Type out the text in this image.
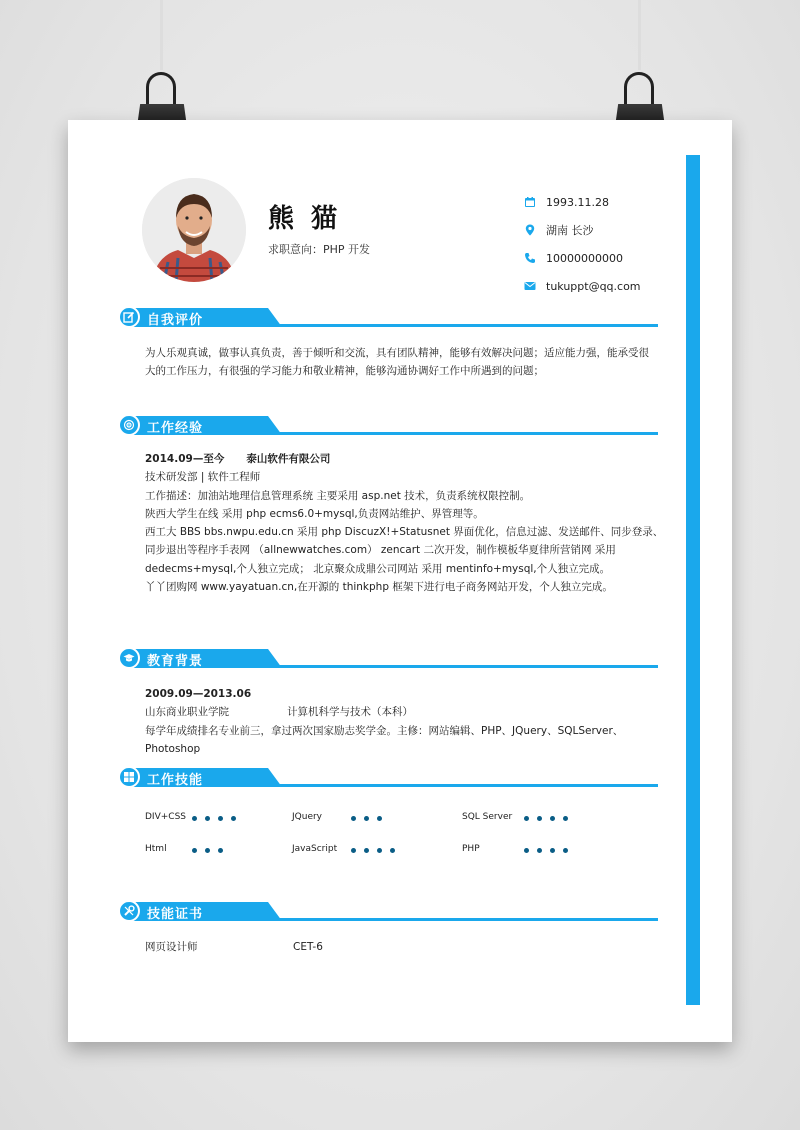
熊 猫
求职意向：PHP 开发
1993.11.28
湖南 长沙
10000000000
tukuppt@qq.com
自我评价
为人乐观真诚，做事认真负责，善于倾听和交流，具有团队精神，能够有效解决问题；适应能力强，能承受很
大的工作压力，有很强的学习能力和敬业精神，能够沟通协调好工作中所遇到的问题；
工作经验
2014.09—至今 泰山软件有限公司
技术研发部 | 软件工程师
工作描述：加油站地理信息管理系统 主要采用 asp.net 技术，负责系统权限控制。
陕西大学生在线 采用 php ecms6.0+mysql,负责网站维护、界管理等。
西工大 BBS bbs.nwpu.edu.cn 采用 php DiscuzX!+Statusnet 界面优化，信息过滤、发送邮件、同步登录、
同步退出等程序手表网 （allnewwatches.com） zencart 二次开发，制作模板华夏律所营销网 采用
dedecms+mysql,个人独立完成； 北京聚众成鼎公司网站 采用 mentinfo+mysql,个人独立完成。
丫丫团购网 www.yayatuan.cn,在开源的 thinkphp 框架下进行电子商务网站开发，个人独立完成。
教育背景
2009.09—2013.06
山东商业职业学院	计算机科学与技术（本科）
每学年成绩排名专业前三，拿过两次国家励志奖学金。主修：网站编辑、PHP、JQuery、SQLServer、Photoshop
工作技能
DIV+CSS	JQuery	SQL Server
Html	JavaScript	PHP
技能证书
网页设计师	CET-6
